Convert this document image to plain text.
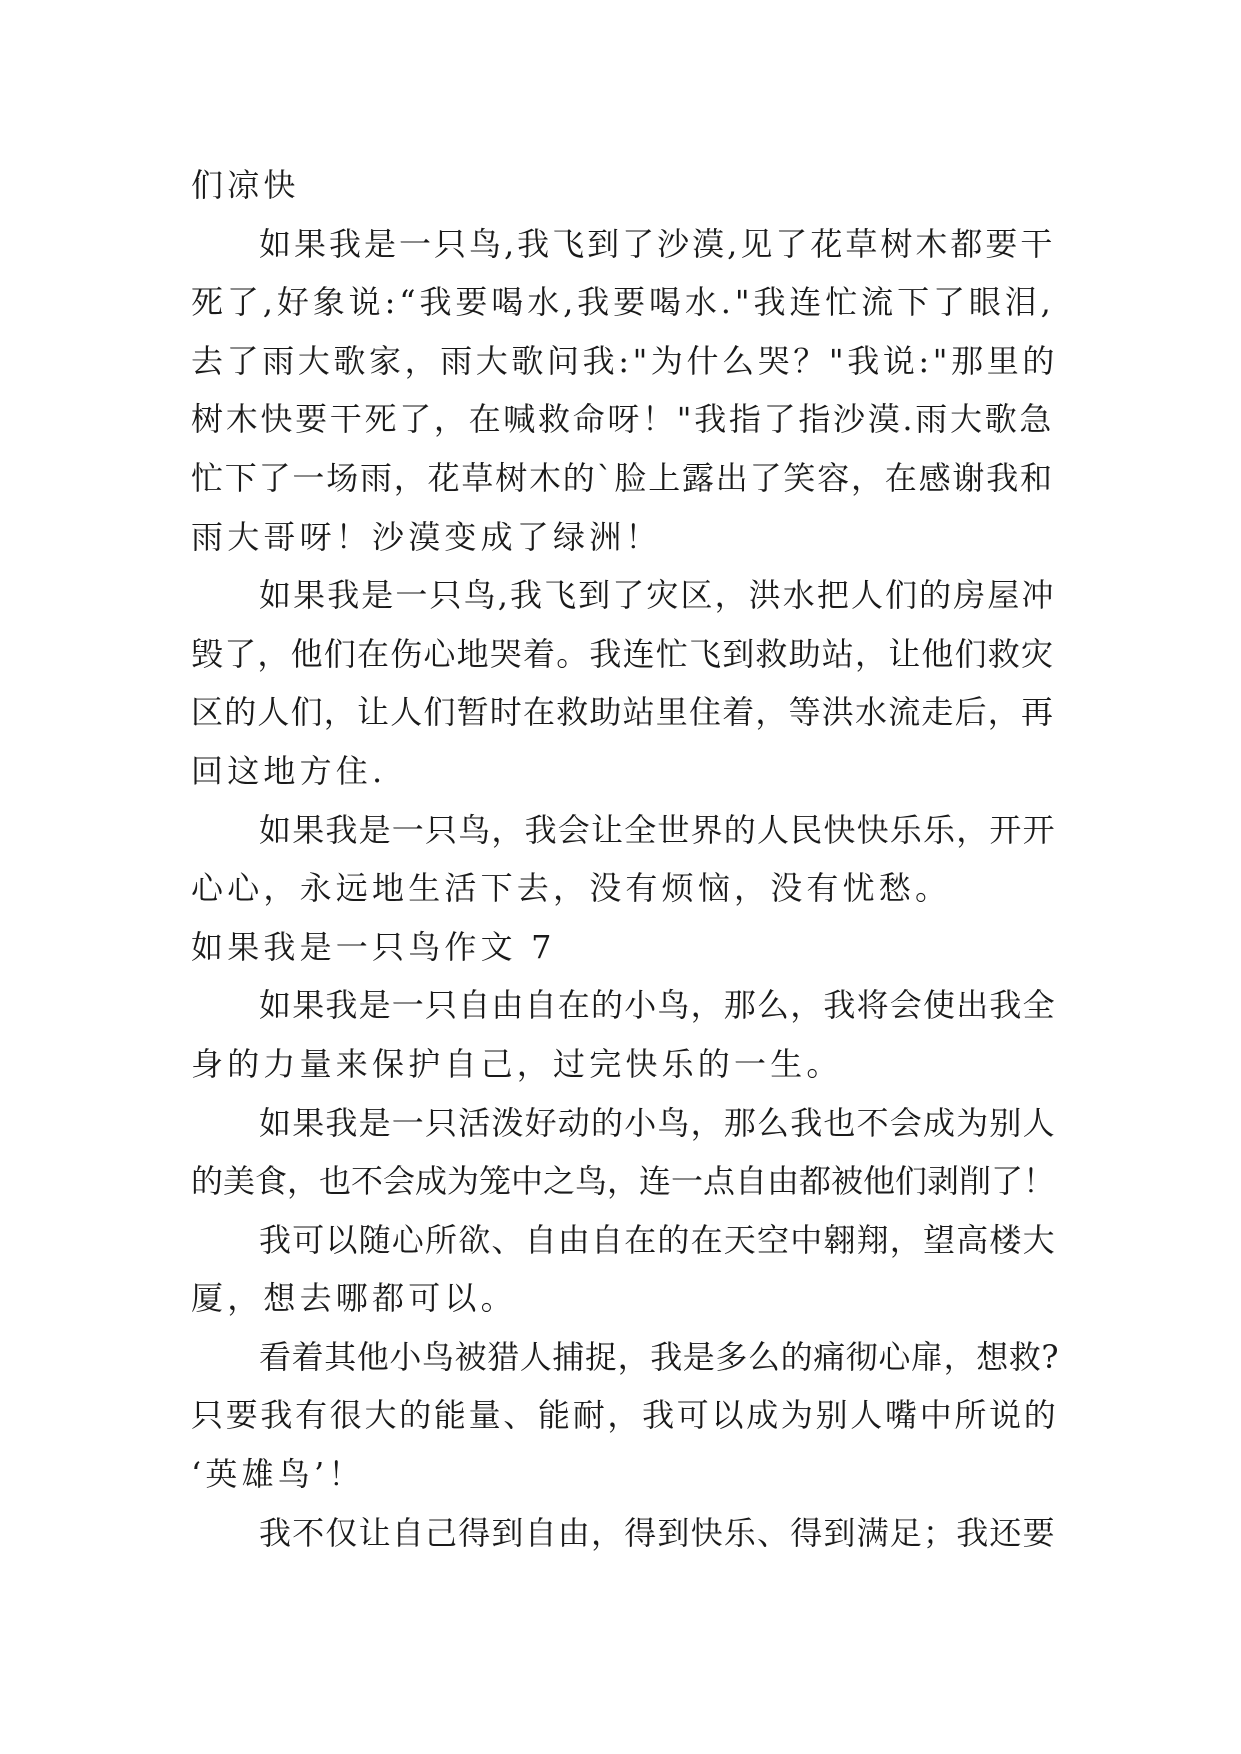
们凉快
如果我是一只鸟,我飞到了沙漠,见了花草树木都要干
死了,好象说:“我要喝水,我要喝水."我连忙流下了眼泪,
去了雨大歌家，雨大歌问我:"为什么哭？"我说:"那里的
树木快要干死了，在喊救命呀！"我指了指沙漠.雨大歌急
忙下了一场雨，花草树木的`脸上露出了笑容，在感谢我和
雨大哥呀！沙漠变成了绿洲！
如果我是一只鸟,我飞到了灾区，洪水把人们的房屋冲
毁了，他们在伤心地哭着。我连忙飞到救助站，让他们救灾
区的人们，让人们暂时在救助站里住着，等洪水流走后，再
回这地方住.
如果我是一只鸟，我会让全世界的人民快快乐乐，开开
心心，永远地生活下去，没有烦恼，没有忧愁。
如果我是一只鸟作文 7
如果我是一只自由自在的小鸟，那么，我将会使出我全
身的力量来保护自己，过完快乐的一生。
如果我是一只活泼好动的小鸟，那么我也不会成为别人
的美食，也不会成为笼中之鸟，连一点自由都被他们剥削了！
我可以随心所欲、自由自在的在天空中翱翔，望高楼大
厦，想去哪都可以。
看着其他小鸟被猎人捕捉，我是多么的痛彻心扉，想救?
只要我有很大的能量、能耐，我可以成为别人嘴中所说的
‘英雄鸟’！
我不仅让自己得到自由，得到快乐、得到满足；我还要
